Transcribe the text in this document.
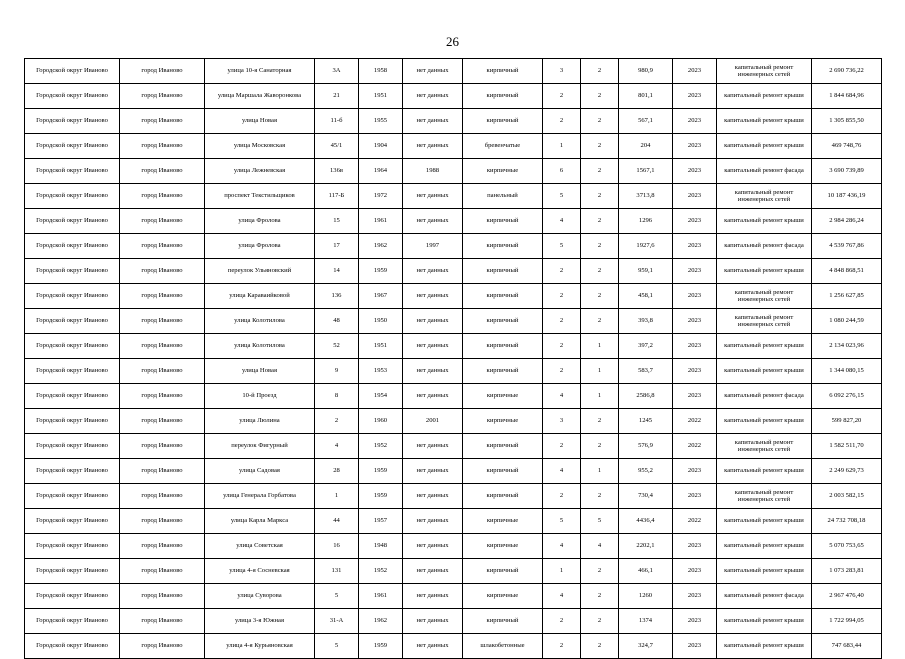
26
Городской округ Иваново	город Иваново	улица 10-я Санаторная	3А	1958	нет данных	кирпичный	3	2	980,9	2023	капитальный ремонт инженерных сетей	2 690 736,22
Городской округ Иваново	город Иваново	улица Маршала Жаворонкова	21	1951	нет данных	кирпичный	2	2	801,1	2023	капитальный ремонт крыши	1 844 684,96
Городской округ Иваново	город Иваново	улица Новая	11-б	1955	нет данных	кирпичный	2	2	567,1	2023	капитальный ремонт крыши	1 305 855,50
Городской округ Иваново	город Иваново	улица Московская	45/1	1904	нет данных	бревенчатые	1	2	204	2023	капитальный ремонт крыши	469 748,76
Городской округ Иваново	город Иваново	улица Лежневская	136в	1964	1988	кирпичные	6	2	1567,1	2023	капитальный ремонт фасада	3 690 739,89
Городской округ Иваново	город Иваново	проспект Текстильщиков	117-Б	1972	нет данных	панельный	5	2	3713,8	2023	капитальный ремонт инженерных сетей	10 187 436,19
Городской округ Иваново	город Иваново	улица Фролова	15	1961	нет данных	кирпичный	4	2	1296	2023	капитальный ремонт крыши	2 984 286,24
Городской округ Иваново	город Иваново	улица Фролова	17	1962	1997	кирпичный	5	2	1927,6	2023	капитальный ремонт фасада	4 539 767,86
Городской округ Иваново	город Иваново	переулок Ульяновский	14	1959	нет данных	кирпичный	2	2	959,1	2023	капитальный ремонт крыши	4 848 868,51
Городской округ Иваново	город Иваново	улица Караваийковой	136	1967	нет данных	кирпичный	2	2	458,1	2023	капитальный ремонт инженерных сетей	1 256 627,85
Городской округ Иваново	город Иваново	улица Колотилова	48	1950	нет данных	кирпичный	2	2	393,8	2023	капитальный ремонт инженерных сетей	1 080 244,59
Городской округ Иваново	город Иваново	улица Колотилова	52	1951	нет данных	кирпичный	2	1	397,2	2023	капитальный ремонт крыши	2 134 023,96
Городской округ Иваново	город Иваново	улица Новая	9	1953	нет данных	кирпичный	2	1	583,7	2023	капитальный ремонт крыши	1 344 080,15
Городской округ Иваново	город Иваново	10-й Проезд	8	1954	нет данных	кирпичные	4	1	2586,8	2023	капитальный ремонт фасада	6 092 276,15
Городской округ Иваново	город Иваново	улица Люлина	2	1960	2001	кирпичные	3	2	1245	2022	капитальный ремонт крыши	599 827,20
Городской округ Иваново	город Иваново	переулок Фигурный	4	1952	нет данных	кирпичный	2	2	576,9	2022	капитальный ремонт инженерных сетей	1 582 511,70
Городской округ Иваново	город Иваново	улица Садовая	28	1959	нет данных	кирпичный	4	1	955,2	2023	капитальный ремонт крыши	2 249 629,73
Городской округ Иваново	город Иваново	улица Генерала Горбатова	1	1959	нет данных	кирпичный	2	2	730,4	2023	капитальный ремонт инженерных сетей	2 003 582,15
Городской округ Иваново	город Иваново	улица Карла Маркса	44	1957	нет данных	кирпичные	5	5	4436,4	2022	капитальный ремонт крыши	24 732 708,18
Городской округ Иваново	город Иваново	улица Советская	16	1948	нет данных	кирпичные	4	4	2202,1	2023	капитальный ремонт крыши	5 070 753,65
Городской округ Иваново	город Иваново	улица 4-я Сосневская	131	1952	нет данных	кирпичный	1	2	466,1	2023	капитальный ремонт крыши	1 073 283,81
Городской округ Иваново	город Иваново	улица Суворова	5	1961	нет данных	кирпичные	4	2	1260	2023	капитальный ремонт фасада	2 967 476,40
Городской округ Иваново	город Иваново	улица 3-я Южная	31-А	1962	нет данных	кирпичный	2	2	1374	2023	капитальный ремонт крыши	1 722 994,05
Городской округ Иваново	город Иваново	улица 4-я Курьяновская	5	1959	нет данных	шлакобетонные	2	2	324,7	2023	капитальный ремонт крыши	747 683,44
